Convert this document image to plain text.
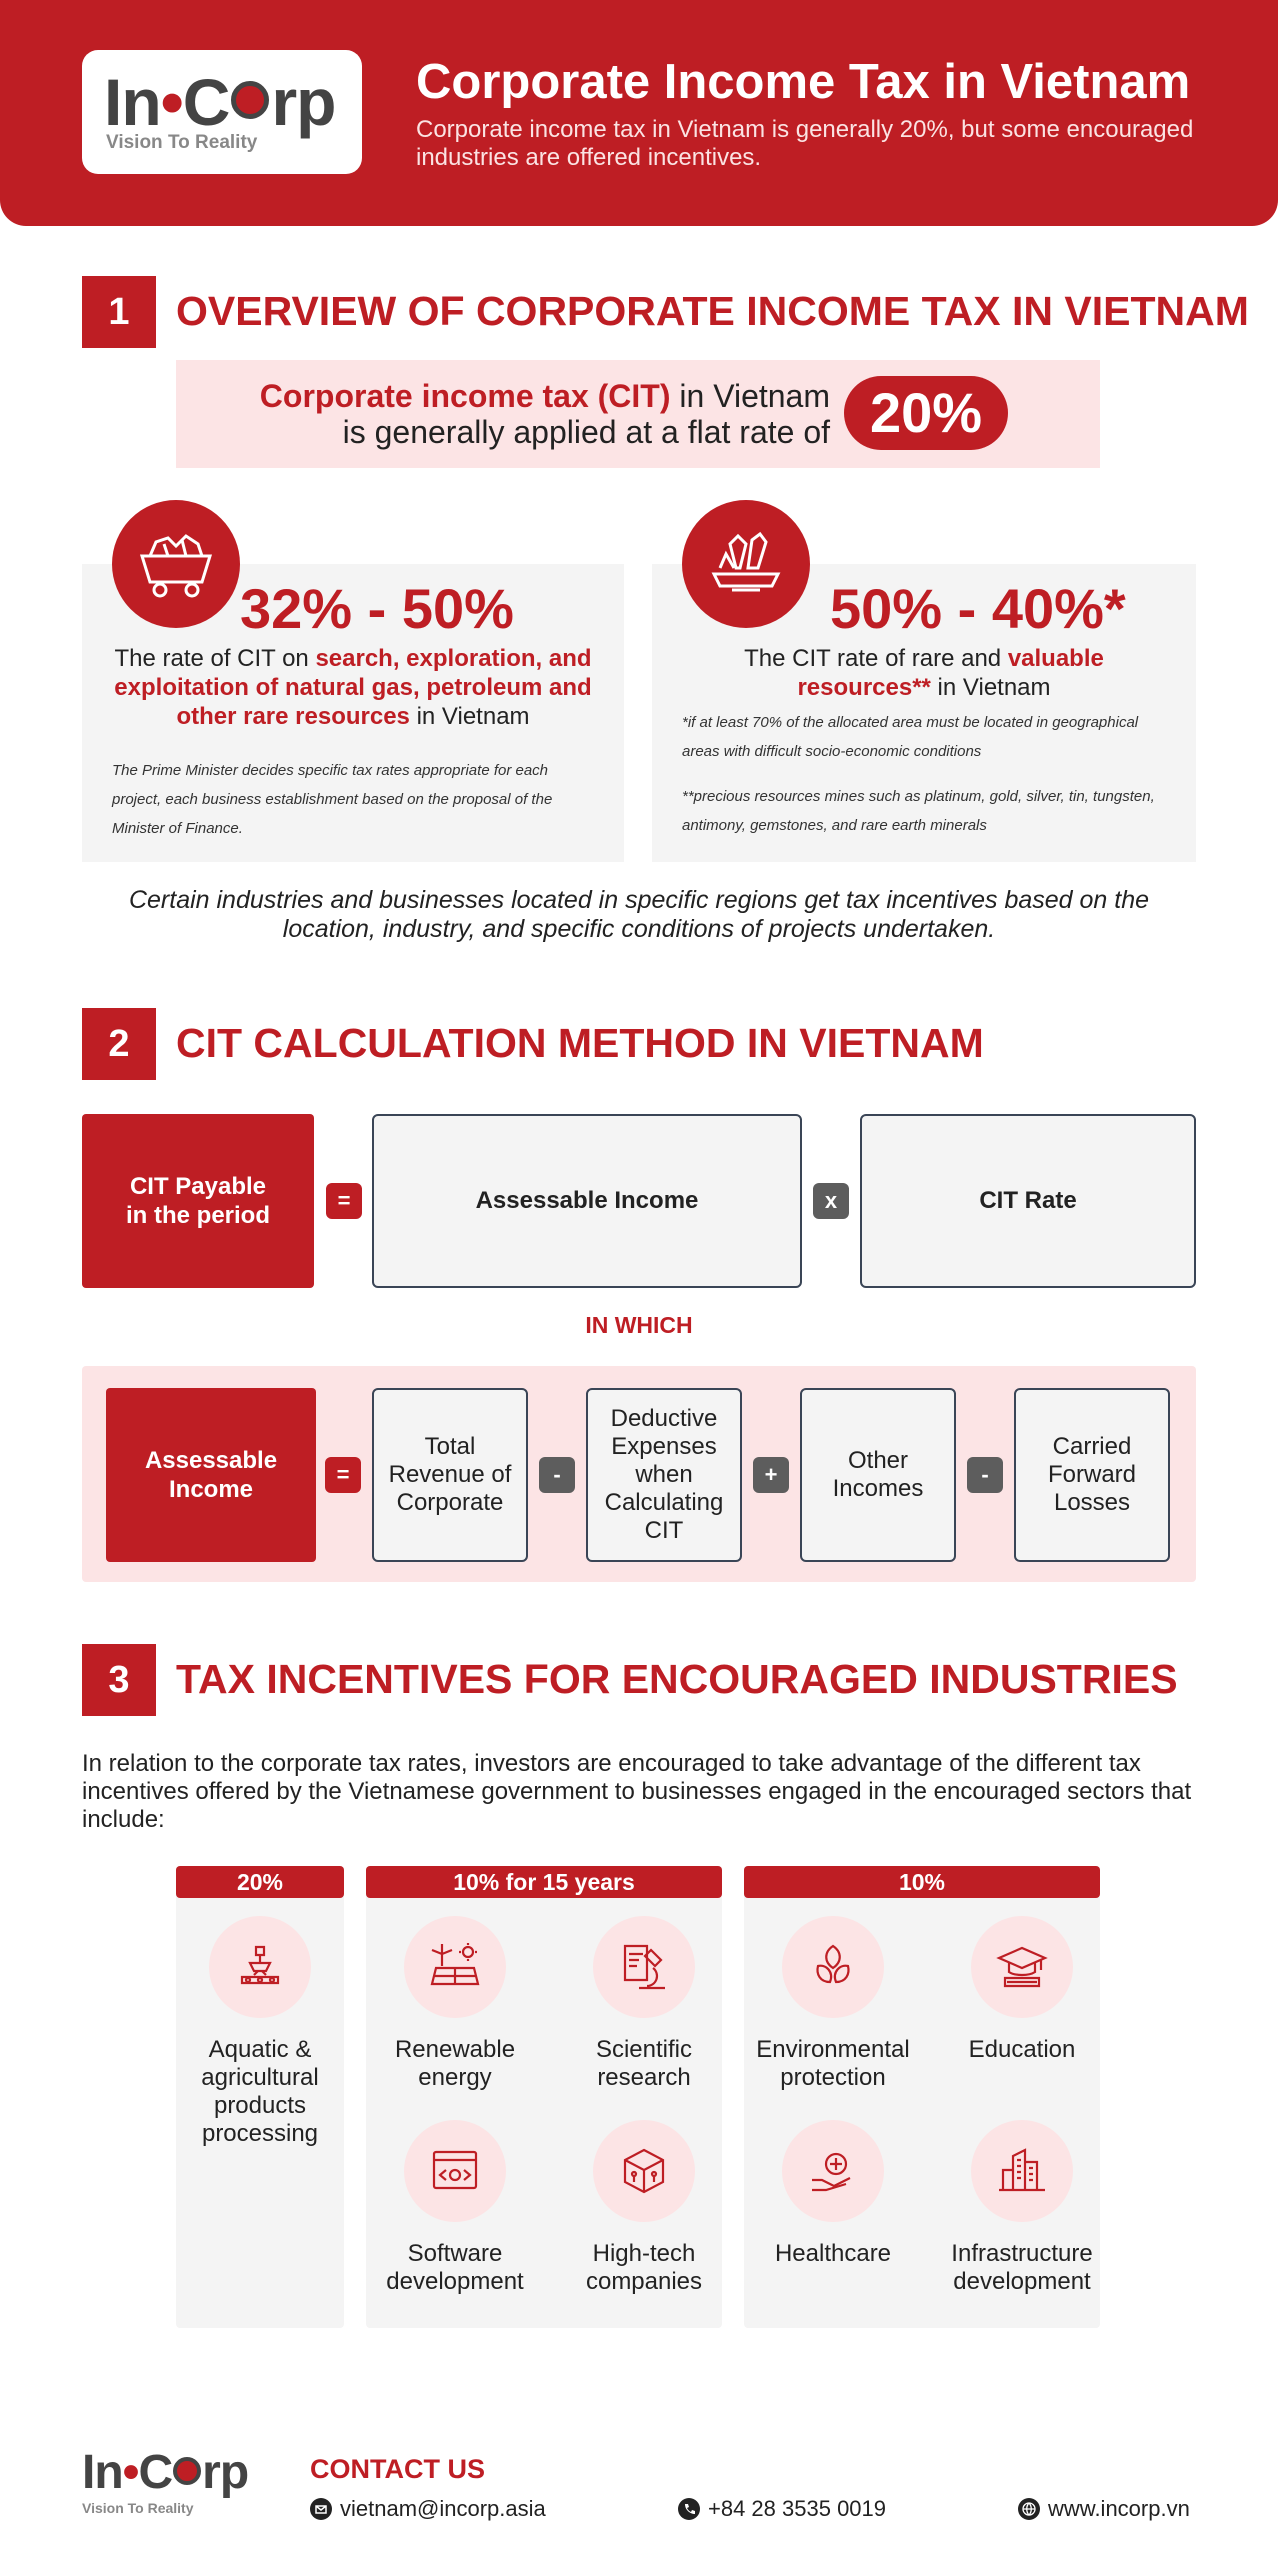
In•C rp
Vision To Reality
Corporate Income Tax in Vietnam
Corporate income tax in Vietnam is generally 20%, but some encouraged industries are offered incentives.
1	OVERVIEW OF CORPORATE INCOME TAX IN VIETNAM
Corporate income tax (CIT) in Vietnam
is generally applied at a flat rate of 20%
32% - 50%
The rate of CIT on search, exploration, and exploitation of natural gas, petroleum and other rare resources in Vietnam
The Prime Minister decides specific tax rates appropriate for each project, each business establishment based on the proposal of the Minister of Finance.
50% - 40%*
The CIT rate of rare and valuable resources** in Vietnam
*if at least 70% of the allocated area must be located in geographical areas with difficult socio-economic conditions
**precious resources mines such as platinum, gold, silver, tin, tungsten, antimony, gemstones, and rare earth minerals
Certain industries and businesses located in specific regions get tax incentives based on the location, industry, and specific conditions of projects undertaken.
2	CIT CALCULATION METHOD IN VIETNAM
CIT Payable in the period
=	Assessable Income	x	CIT Rate
IN WHICH
Assessable Income
=
Total Revenue of Corporate
-
Deductive Expenses when Calculating CIT
+
Other Incomes
-
Carried Forward Losses
3	TAX INCENTIVES FOR ENCOURAGED INDUSTRIES
In relation to the corporate tax rates, investors are encouraged to take advantage of the different tax incentives offered by the Vietnamese government to businesses engaged in the encouraged sectors that include:
20%
Aquatic & agricultural products processing
10% for 15 years
Renewable energy
Scientific research
Software development
High-tech companies
10%
Environmental protection
Education
Healthcare	Infrastructure development
In•C rp
Vision To Reality
CONTACT US
vietnam@incorp.asia	+84 28 3535 0019	www.incorp.vn
